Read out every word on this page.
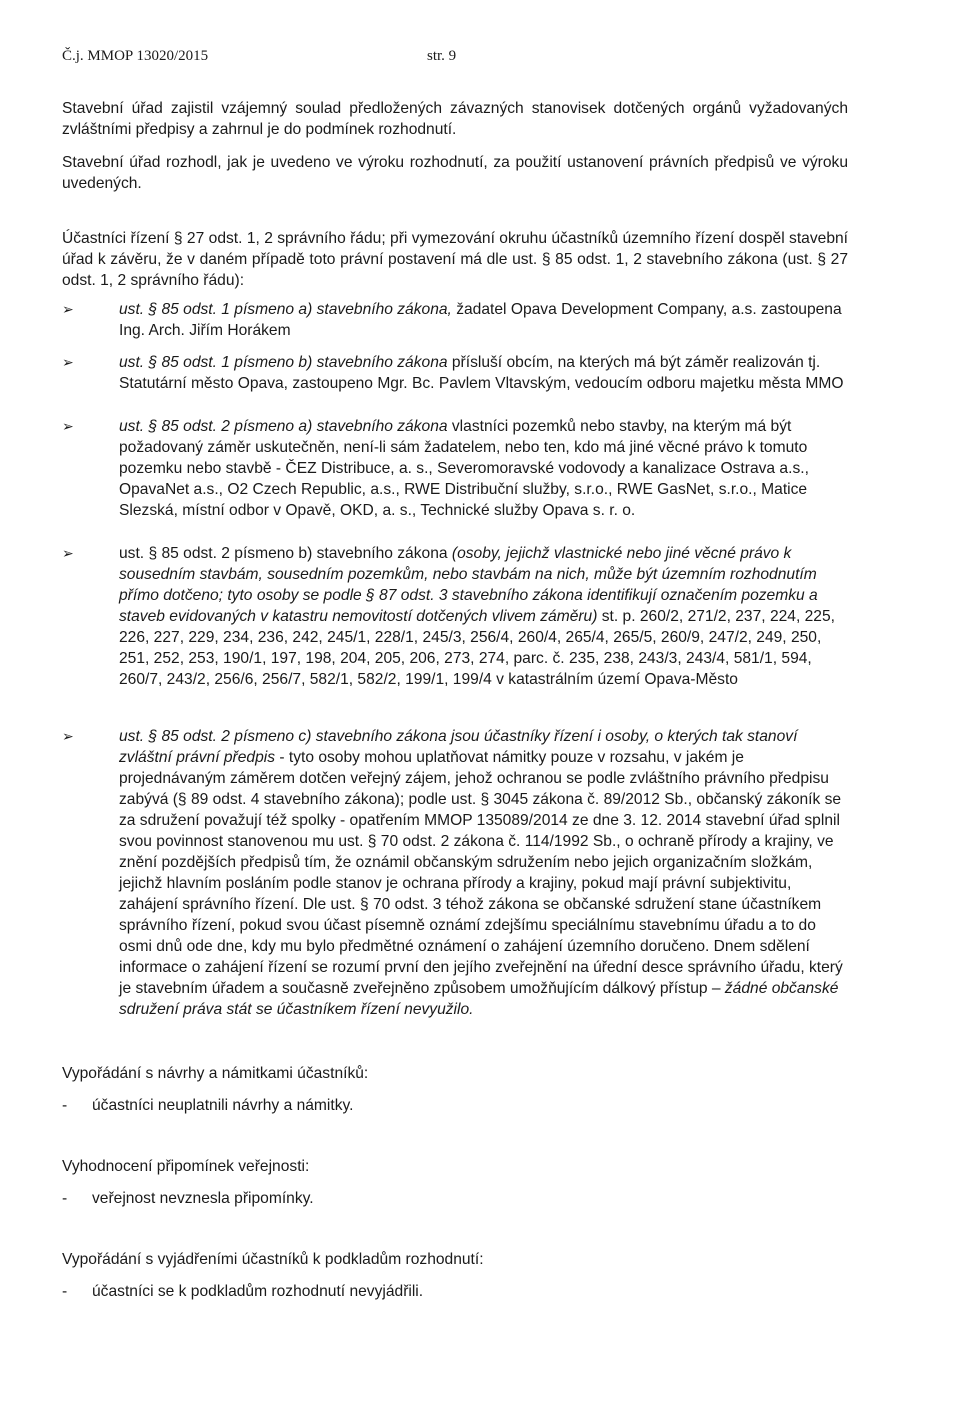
Č.j. MMOP 13020/2015	str. 9

Stavební úřad zajistil vzájemný soulad předložených závazných stanovisek dotčených orgánů vyžadovaných zvláštními předpisy a zahrnul je do podmínek rozhodnutí.

Stavební úřad rozhodl, jak je uvedeno ve výroku rozhodnutí, za použití ustanovení právních předpisů ve výroku uvedených.

Účastníci řízení § 27 odst. 1, 2 správního řádu; při vymezování okruhu účastníků územního řízení dospěl stavební úřad k závěru, že v daném případě toto právní postavení má dle ust. § 85 odst. 1, 2 stavebního zákona (ust. § 27 odst. 1, 2 správního řádu):

➢	ust. § 85 odst. 1 písmeno a) stavebního zákona, žadatel Opava Development Company, a.s. zastoupena Ing. Arch. Jiřím Horákem
➢	ust. § 85 odst. 1 písmeno b) stavebního zákona přísluší obcím, na kterých má být záměr realizován tj. Statutární město Opava, zastoupeno Mgr. Bc. Pavlem Vltavským, vedoucím odboru majetku města MMO
➢	ust. § 85 odst. 2 písmeno a) stavebního zákona vlastníci pozemků nebo stavby, na kterým má být požadovaný záměr uskutečněn, není-li sám žadatelem, nebo ten, kdo má jiné věcné právo k tomuto pozemku nebo stavbě - ČEZ Distribuce, a. s., Severomoravské vodovody a kanalizace Ostrava a.s., OpavaNet a.s., O2 Czech Republic, a.s., RWE Distribuční služby, s.r.o., RWE GasNet, s.r.o., Matice Slezská, místní odbor v Opavě, OKD, a. s., Technické služby Opava s. r. o.
➢	ust. § 85 odst. 2 písmeno b) stavebního zákona (osoby, jejichž vlastnické nebo jiné věcné právo k sousedním stavbám, sousedním pozemkům, nebo stavbám na nich, může být územním rozhodnutím přímo dotčeno; tyto osoby se podle § 87 odst. 3 stavebního zákona identifikují označením pozemku a staveb evidovaných v katastru nemovitostí dotčených vlivem záměru) st. p. 260/2, 271/2, 237, 224, 225, 226, 227, 229, 234, 236, 242, 245/1, 228/1, 245/3, 256/4, 260/4, 265/4, 265/5, 260/9, 247/2, 249, 250, 251, 252, 253, 190/1, 197, 198, 204, 205, 206, 273, 274, parc. č. 235, 238, 243/3, 243/4, 581/1, 594, 260/7, 243/2, 256/6, 256/7, 582/1, 582/2, 199/1, 199/4 v katastrálním území Opava-Město
➢	ust. § 85 odst. 2 písmeno c) stavebního zákona jsou účastníky řízení i osoby, o kterých tak stanoví zvláštní právní předpis - tyto osoby mohou uplatňovat námitky pouze v rozsahu, v jakém je projednávaným záměrem dotčen veřejný zájem, jehož ochranou se podle zvláštního právního předpisu zabývá (§ 89 odst. 4 stavebního zákona); podle ust. § 3045 zákona č. 89/2012 Sb., občanský zákoník se za sdružení považují též spolky - opatřením MMOP 135089/2014 ze dne 3. 12. 2014 stavební úřad splnil svou povinnost stanovenou mu ust. § 70 odst. 2 zákona č. 114/1992 Sb., o ochraně přírody a krajiny, ve znění pozdějších předpisů tím, že oznámil občanským sdružením nebo jejich organizačním složkám, jejichž hlavním posláním podle stanov je ochrana přírody a krajiny, pokud mají právní subjektivitu, zahájení správního řízení. Dle ust. § 70 odst. 3 téhož zákona se občanské sdružení stane účastníkem správního řízení, pokud svou účast písemně oznámí zdejšímu speciálnímu stavebnímu úřadu a to do osmi dnů ode dne, kdy mu bylo předmětné oznámení o zahájení územního doručeno. Dnem sdělení informace o zahájení řízení se rozumí první den jejího zveřejnění na úřední desce správního úřadu, který je stavebním úřadem a současně zveřejněno způsobem umožňujícím dálkový přístup – žádné občanské sdružení práva stát se účastníkem řízení nevyužilo.

Vypořádání s návrhy a námitkami účastníků:

- účastníci neuplatnili návrhy a námitky.

Vyhodnocení připomínek veřejnosti:

- veřejnost nevznesla připomínky.

Vypořádání s vyjádřeními účastníků k podkladům rozhodnutí:

- účastníci se k podkladům rozhodnutí nevyjádřili.
